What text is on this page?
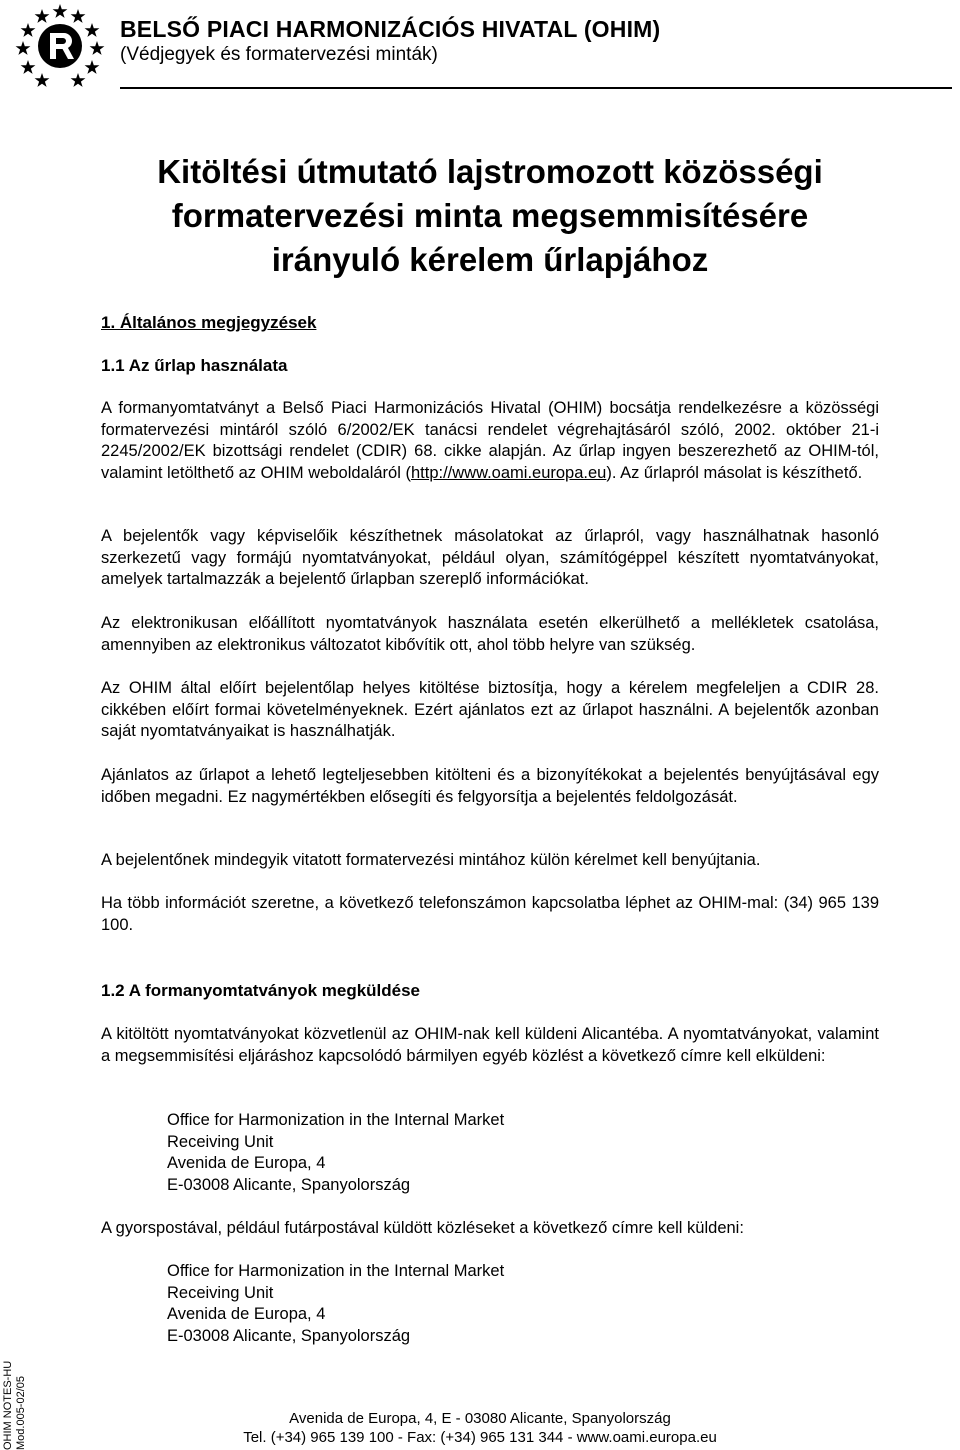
BELSŐ PIACI HARMONIZÁCIÓS HIVATAL (OHIM)
(Védjegyek és formatervezési minták)
Kitöltési útmutató lajstromozott közösségi
formatervezési minta megsemmisítésére
irányuló kérelem űrlapjához
1. Általános megjegyzések
1.1 Az űrlap használata
A formanyomtatványt a Belső Piaci Harmonizációs Hivatal (OHIM) bocsátja rendelkezésre a közösségi formatervezési mintáról szóló 6/2002/EK tanácsi rendelet végrehajtásáról szóló, 2002. október 21-i 2245/2002/EK bizottsági rendelet (CDIR) 68. cikke alapján. Az űrlap ingyen beszerezhető az OHIM-tól, valamint letölthető az OHIM weboldaláról (http://www.oami.europa.eu). Az űrlapról másolat is készíthető.
A bejelentők vagy képviselőik készíthetnek másolatokat az űrlapról, vagy használhatnak hasonló szerkezetű vagy formájú nyomtatványokat, például olyan, számítógéppel készített nyomtatványokat, amelyek tartalmazzák a bejelentő űrlapban szereplő információkat.
Az elektronikusan előállított nyomtatványok használata esetén elkerülhető a mellékletek csatolása, amennyiben az elektronikus változatot kibővítik ott, ahol több helyre van szükség.
Az OHIM által előírt bejelentőlap helyes kitöltése biztosítja, hogy a kérelem megfeleljen a CDIR 28. cikkében előírt formai követelményeknek. Ezért ajánlatos ezt az űrlapot használni. A bejelentők azonban saját nyomtatványaikat is használhatják.
Ajánlatos az űrlapot a lehető legteljesebben kitölteni és a bizonyítékokat a bejelentés benyújtásával egy időben megadni. Ez nagymértékben elősegíti és felgyorsítja a bejelentés feldolgozását.
A bejelentőnek mindegyik vitatott formatervezési mintához külön kérelmet kell benyújtania.
Ha több információt szeretne, a következő telefonszámon kapcsolatba léphet az OHIM-mal: (34) 965 139 100.
1.2 A formanyomtatványok megküldése
A kitöltött nyomtatványokat közvetlenül az OHIM-nak kell küldeni Alicantéba. A nyomtatványokat, valamint a megsemmisítési eljáráshoz kapcsolódó bármilyen egyéb közlést a következő címre kell elküldeni:
Office for Harmonization in the Internal Market
Receiving Unit
Avenida de Europa, 4
E-03008 Alicante, Spanyolország
A gyorspostával, például futárpostával küldött közléseket a következő címre kell küldeni:
Office for Harmonization in the Internal Market
Receiving Unit
Avenida de Europa, 4
E-03008 Alicante, Spanyolország
OHIM NOTES-HU Mod.005-02/05	Avenida de Europa, 4, E - 03080 Alicante, Spanyolország
Tel. (+34) 965 139 100 - Fax: (+34) 965 131 344 - www.oami.europa.eu
